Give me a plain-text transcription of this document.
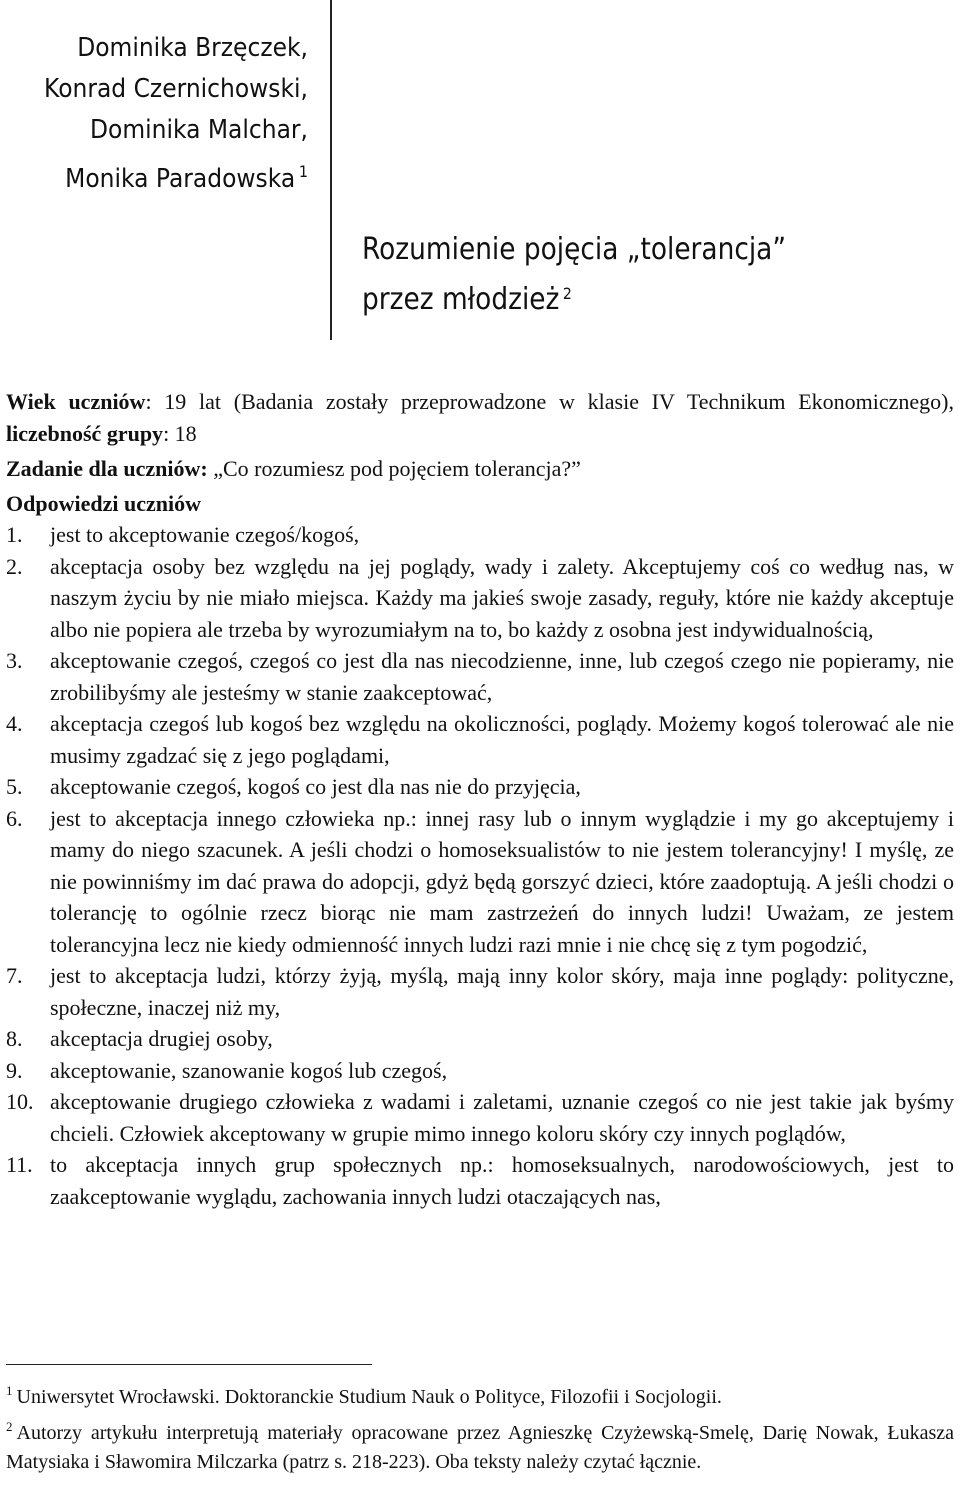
Dominika Brzęczek,
Konrad Czernichowski,
Dominika Malchar,
Monika Paradowska $^1$
Rozumienie pojęcia „tolerancja”
przez młodzież $^2$

Wiek uczniów: 19 lat (Badania zostały przeprowadzone w klasie IV Technikum Ekonomicznego), liczebność grupy: 18

Zadanie dla uczniów: „Co rozumiesz pod pojęciem tolerancja?”

Odpowiedzi uczniów
1. jest to akceptowanie czegoś/kogoś,
2. akceptacja osoby bez względu na jej poglądy, wady i zalety. Akceptujemy coś co według nas, w naszym życiu by nie miało miejsca. Każdy ma jakieś swoje zasady, reguły, które nie każdy akceptuje albo nie popiera ale trzeba by wyrozumiałym na to, bo każdy z osobna jest indywidualnością,
3. akceptowanie czegoś, czegoś co jest dla nas niecodzienne, inne, lub czegoś czego nie popieramy, nie zrobilibyśmy ale jesteśmy w stanie zaakceptować,
4. akceptacja czegoś lub kogoś bez względu na okoliczności, poglądy. Możemy kogoś tolerować ale nie musimy zgadzać się z jego poglądami,
5. akceptowanie czegoś, kogoś co jest dla nas nie do przyjęcia,
6. jest to akceptacja innego człowieka np.: innej rasy lub o innym wyglądzie i my go akceptujemy i mamy do niego szacunek. A jeśli chodzi o homoseksualistów to nie jestem tolerancyjny! I myślę, ze nie powinniśmy im dać prawa do adopcji, gdyż będą gorszyć dzieci, które zaadoptują. A jeśli chodzi o tolerancję to ogólnie rzecz biorąc nie mam zastrzeżeń do innych ludzi! Uważam, ze jestem tolerancyjna lecz nie kiedy odmienność innych ludzi razi mnie i nie chcę się z tym pogodzić,
7. jest to akceptacja ludzi, którzy żyją, myślą, mają inny kolor skóry, maja inne poglądy: polityczne, społeczne, inaczej niż my,
8. akceptacja drugiej osoby,
9. akceptowanie, szanowanie kogoś lub czegoś,
10. akceptowanie drugiego człowieka z wadami i zaletami, uznanie czegoś co nie jest takie jak byśmy chcieli. Człowiek akceptowany w grupie mimo innego koloru skóry czy innych poglądów,
11. to akceptacja innych grup społecznych np.: homoseksualnych, narodowościowych, jest to zaakceptowanie wyglądu, zachowania innych ludzi otaczających nas,

$^1$ Uniwersytet Wrocławski. Doktoranckie Studium Nauk o Polityce, Filozofii i Socjologii.

$^2$ Autorzy artykułu interpretują materiały opracowane przez Agnieszkę Czyżewską-Smelę, Darię Nowak, Łukasza Matysiaka i Sławomira Milczarka (patrz s. 218-223). Oba teksty należy czytać łącznie.
